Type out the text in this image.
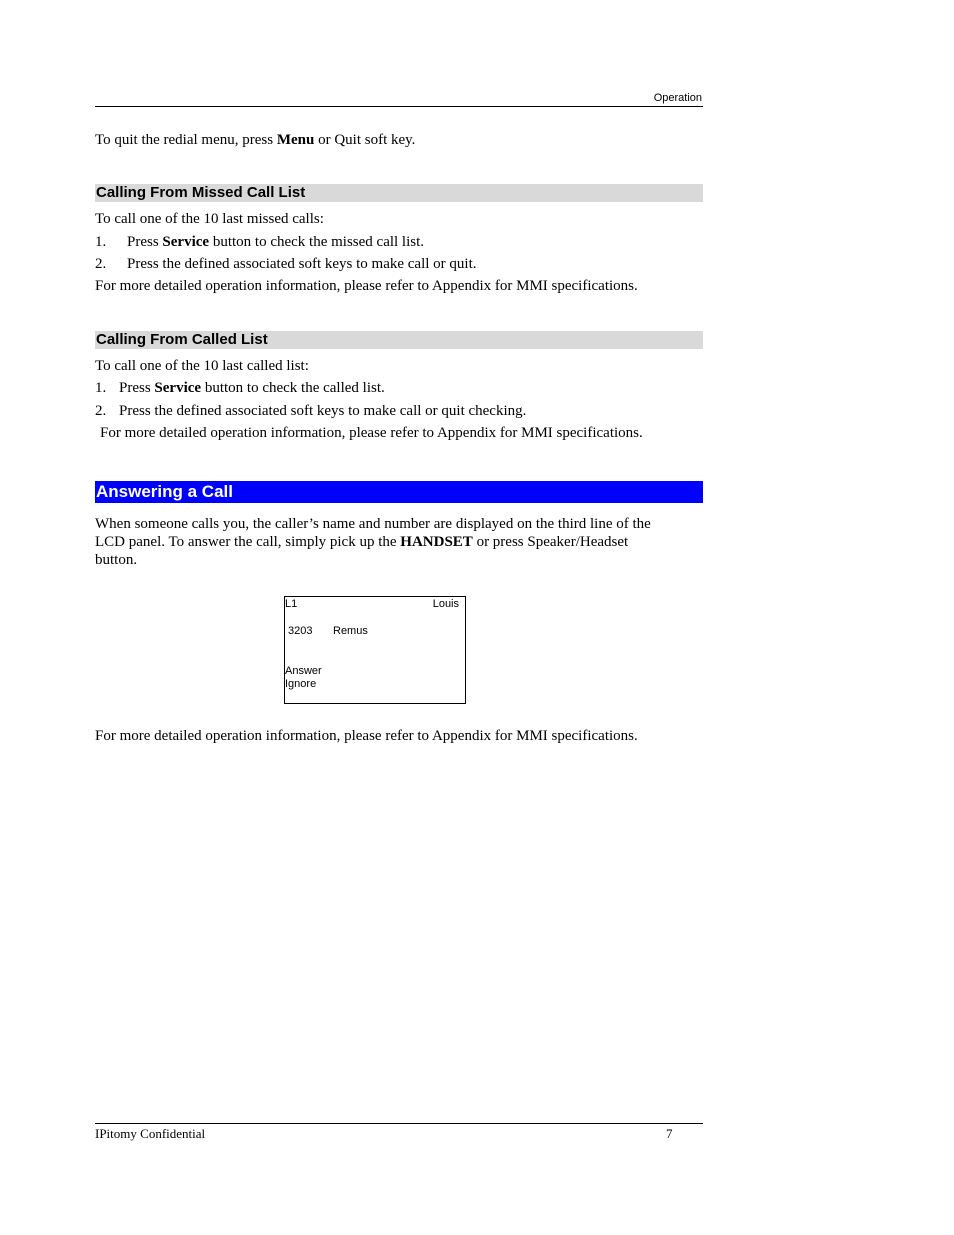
Operation
To quit the redial menu, press Menu or Quit soft key.
Calling From Missed Call List
To call one of the 10 last missed calls:
1. Press Service button to check the missed call list.
2. Press the defined associated soft keys to make call or quit.
For more detailed operation information, please refer to Appendix for MMI specifications.
Calling From Called List
To call one of the 10 last called list:
1. Press Service button to check the called list.
2. Press the defined associated soft keys to make call or quit checking.
For more detailed operation information, please refer to Appendix for MMI specifications.
Answering a Call
When someone calls you, the caller’s name and number are displayed on the third line of the
LCD panel. To answer the call, simply pick up the HANDSET or press Speaker/Headset
button.
L1	Louis
3203 Remus
Answer
Ignore
For more detailed operation information, please refer to Appendix for MMI specifications.
IPitomy Confidential	7
